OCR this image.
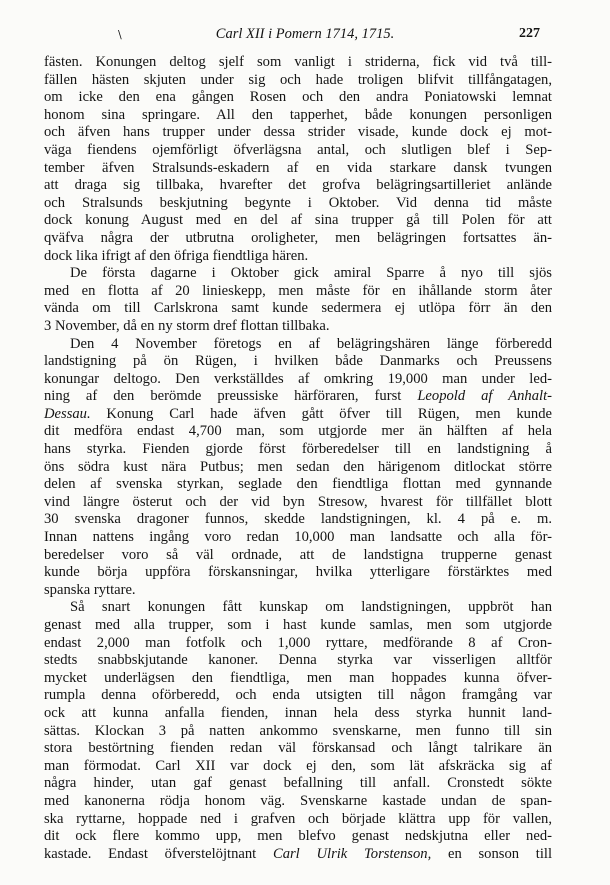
\	Carl XII i Pomern 1714, 1715.	227
fästen. Konungen deltog sjelf som vanligt i striderna, fick vid två till-
fällen hästen skjuten under sig och hade troligen blifvit tillfångatagen,
om icke den ena gången Rosen och den andra Poniatowski lemnat
honom sina springare. All den tapperhet, både konungen personligen
och äfven hans trupper under dessa strider visade, kunde dock ej mot-
väga fiendens ojemförligt öfverlägsna antal, och slutligen blef i Sep-
tember äfven Stralsunds-eskadern af en vida starkare dansk tvungen
att draga sig tillbaka, hvarefter det grofva belägringsartilleriet anlände
och Stralsunds beskjutning begynte i Oktober. Vid denna tid måste
dock konung August med en del af sina trupper gå till Polen för att
qväfva några der utbrutna oroligheter, men belägringen fortsattes än-
dock lika ifrigt af den öfriga fiendtliga hären.
De första dagarne i Oktober gick amiral Sparre å nyo till sjös
med en flotta af 20 linieskepp, men måste för en ihållande storm åter
vända om till Carlskrona samt kunde sedermera ej utlöpa förr än den
3 November, då en ny storm dref flottan tillbaka.
Den 4 November företogs en af belägringshären länge förberedd
landstigning på ön Rügen, i hvilken både Danmarks och Preussens
konungar deltogo. Den verkställdes af omkring 19,000 man under led-
ning af den berömde preussiske härföraren, furst Leopold af Anhalt-
Dessau. Konung Carl hade äfven gått öfver till Rügen, men kunde
dit medföra endast 4,700 man, som utgjorde mer än hälften af hela
hans styrka. Fienden gjorde först förberedelser till en landstigning å
öns södra kust nära Putbus; men sedan den härigenom ditlockat större
delen af svenska styrkan, seglade den fiendtliga flottan med gynnande
vind längre österut och der vid byn Stresow, hvarest för tillfället blott
30 svenska dragoner funnos, skedde landstigningen, kl. 4 på e. m.
Innan nattens ingång voro redan 10,000 man landsatte och alla för-
beredelser voro så väl ordnade, att de landstigna trupperne genast
kunde börja uppföra förskansningar, hvilka ytterligare förstärktes med
spanska ryttare.
Så snart konungen fått kunskap om landstigningen, uppbröt han
genast med alla trupper, som i hast kunde samlas, men som utgjorde
endast 2,000 man fotfolk och 1,000 ryttare, medförande 8 af Cron-
stedts snabbskjutande kanoner. Denna styrka var visserligen alltför
mycket underlägsen den fiendtliga, men man hoppades kunna öfver-
rumpla denna oförberedd, och enda utsigten till någon framgång var
ock att kunna anfalla fienden, innan hela dess styrka hunnit land-
sättas. Klockan 3 på natten ankommo svenskarne, men funno till sin
stora bestörtning fienden redan väl förskansad och långt talrikare än
man förmodat. Carl XII var dock ej den, som lät afskräcka sig af
några hinder, utan gaf genast befallning till anfall. Cronstedt sökte
med kanonerna rödja honom väg. Svenskarne kastade undan de span-
ska ryttarne, hoppade ned i grafven och började klättra upp för vallen,
dit ock flere kommo upp, men blefvo genast nedskjutna eller ned-
kastade. Endast öfverstelöjtnant Carl Ulrik Torstenson, en sonson till
